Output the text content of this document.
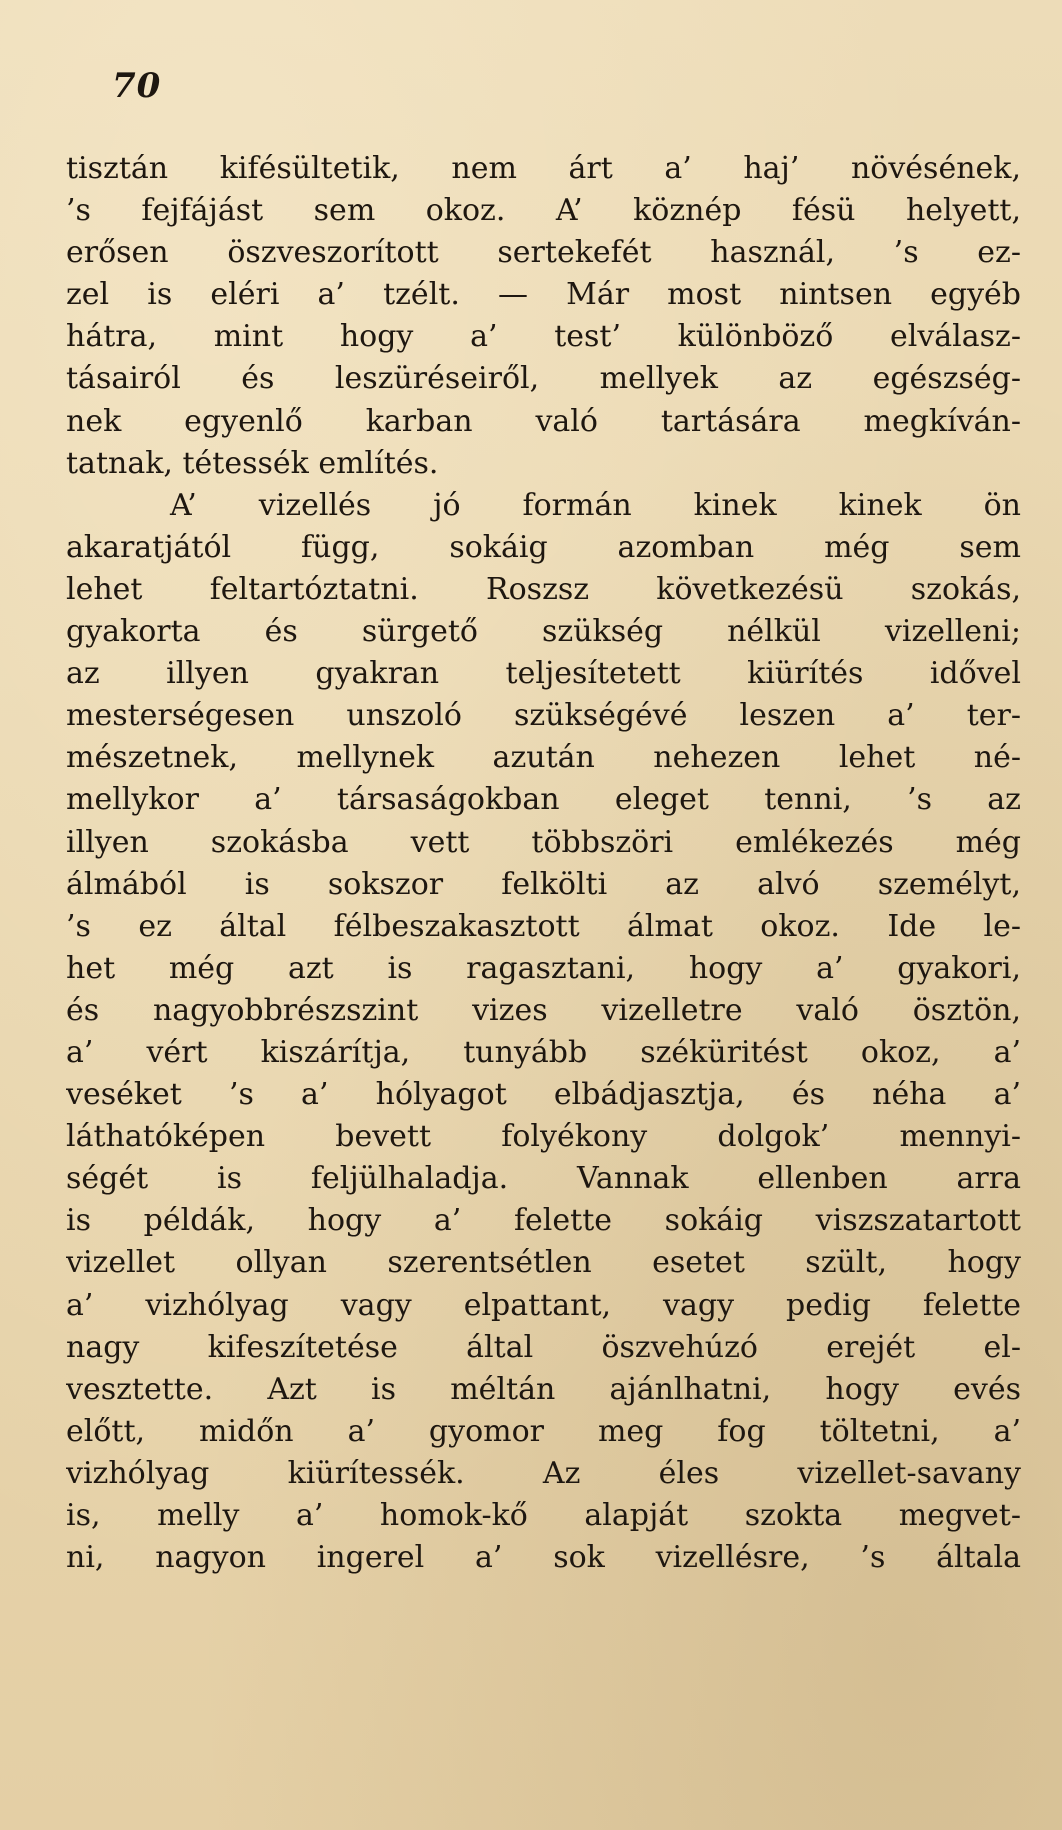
70
tisztán kifésültetik, nem árt a’ haj’ növésének,
’s fejfájást sem okoz. A’ köznép fésü helyett,
erősen öszveszorított sertekefét használ, ’s ez-
zel is eléri a’ tzélt. — Már most nintsen egyéb
hátra, mint hogy a’ test’ különböző elválasz-
tásairól és leszüréseiről, mellyek az egészség-
nek egyenlő karban való tartására megkíván-
tatnak, tétessék említés.
A’ vizellés jó formán kinek kinek ön
akaratjától függ, sokáig azomban még sem
lehet feltartóztatni. Roszsz következésü szokás,
gyakorta és sürgető szükség nélkül vizelleni;
az illyen gyakran teljesítetett kiürítés idővel
mesterségesen unszoló szükségévé leszen a’ ter-
mészetnek, mellynek azután nehezen lehet né-
mellykor a’ társaságokban eleget tenni, ’s az
illyen szokásba vett többszöri emlékezés még
álmából is sokszor felkölti az alvó személyt,
’s ez által félbeszakasztott álmat okoz. Ide le-
het még azt is ragasztani, hogy a’ gyakori,
és nagyobbrészszint vizes vizelletre való ösztön,
a’ vért kiszárítja, tunyább széküritést okoz, a’
veséket ’s a’ hólyagot elbádjasztja, és néha a’
láthatóképen bevett folyékony dolgok’ mennyi-
ségét is feljülhaladja. Vannak ellenben arra
is példák, hogy a’ felette sokáig viszszatartott
vizellet ollyan szerentsétlen esetet szült, hogy
a’ vizhólyag vagy elpattant, vagy pedig felette
nagy kifeszítetése által öszvehúzó erejét el-
vesztette. Azt is méltán ajánlhatni, hogy evés
előtt, midőn a’ gyomor meg fog töltetni, a’
vizhólyag kiürítessék. Az éles vizellet-savany
is, melly a’ homok-kő alapját szokta megvet-
ni, nagyon ingerel a’ sok vizellésre, ’s általa
